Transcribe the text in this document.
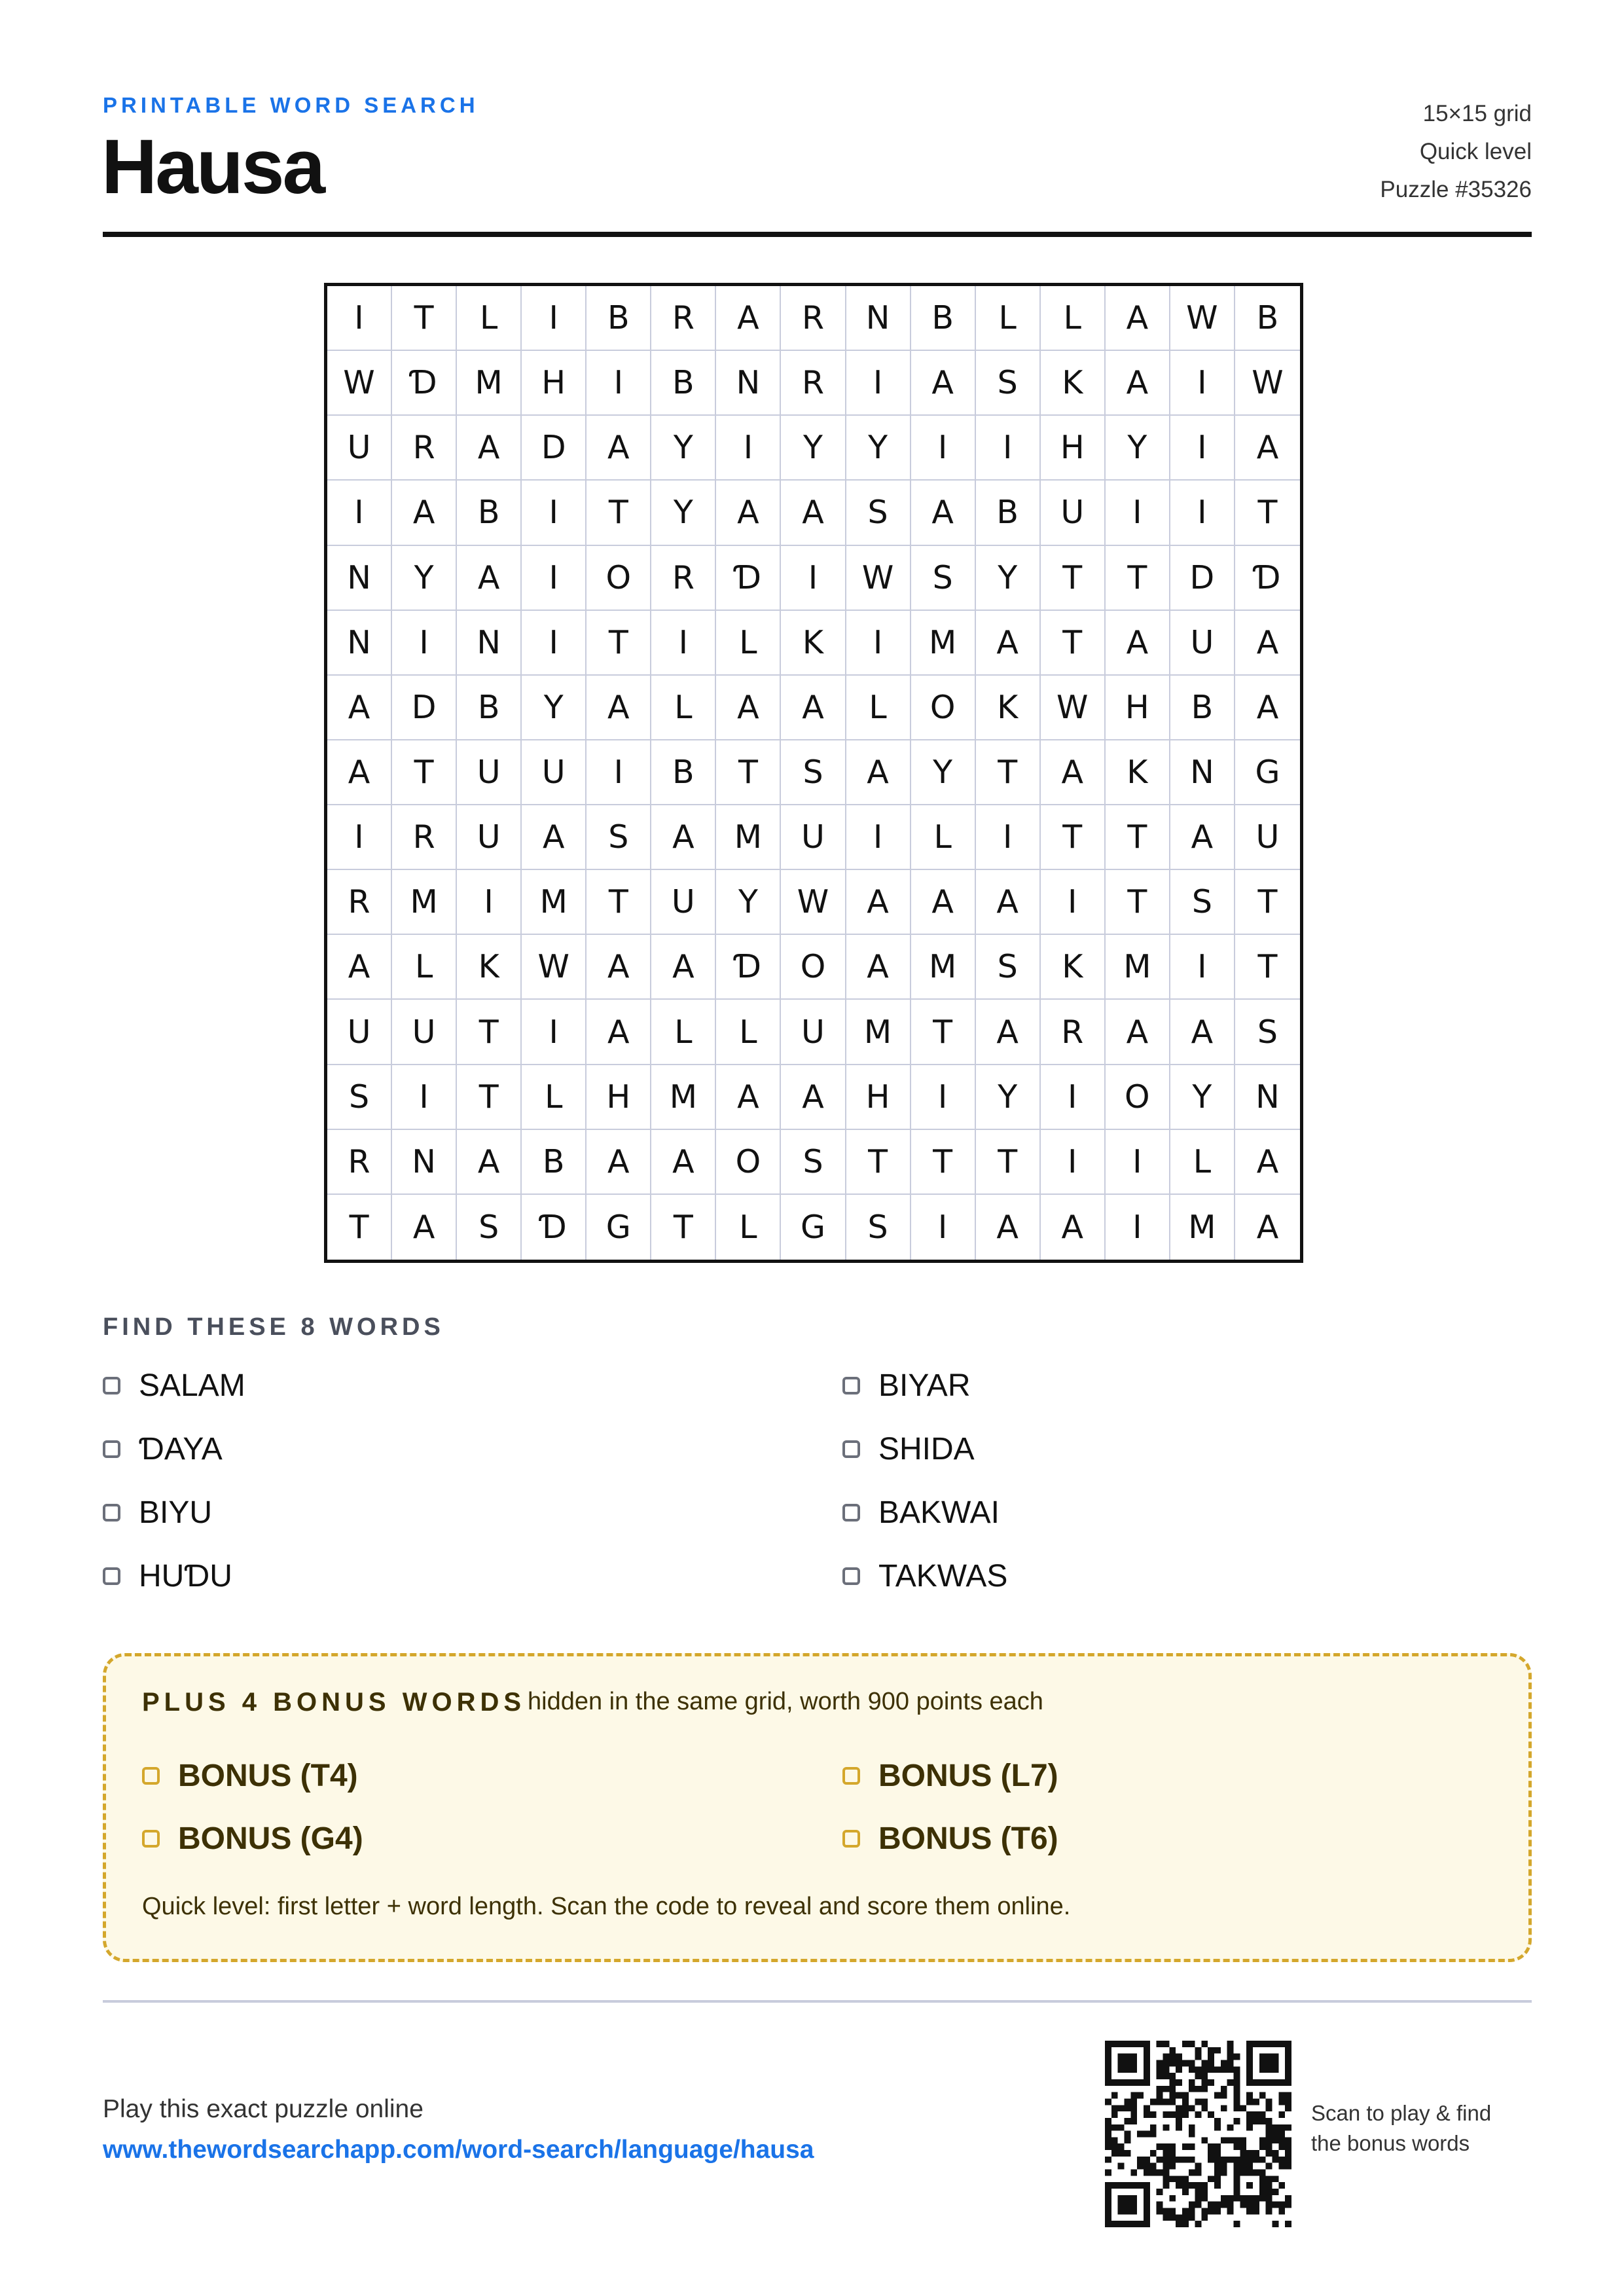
PRINTABLE WORD SEARCH
Hausa
15×15 grid
Quick level
Puzzle #35326
I	T	L	I	B	R	A	R	N	B	L	L	A	W	B
W	Ɗ	M	H	I	B	N	R	I	A	S	K	A	I	W
U	R	A	D	A	Y	I	Y	Y	I	I	H	Y	I	A
I	A	B	I	T	Y	A	A	S	A	B	U	I	I	T
N	Y	A	I	O	R	Ɗ	I	W	S	Y	T	T	D	Ɗ
N	I	N	I	T	I	L	K	I	M	A	T	A	U	A
A	D	B	Y	A	L	A	A	L	O	K	W	H	B	A
A	T	U	U	I	B	T	S	A	Y	T	A	K	N	G
I	R	U	A	S	A	M	U	I	L	I	T	T	A	U
R	M	I	M	T	U	Y	W	A	A	A	I	T	S	T
A	L	K	W	A	A	Ɗ	O	A	M	S	K	M	I	T
U	U	T	I	A	L	L	U	M	T	A	R	A	A	S
S	I	T	L	H	M	A	A	H	I	Y	I	O	Y	N
R	N	A	B	A	A	O	S	T	T	T	I	I	L	A
T	A	S	Ɗ	G	T	L	G	S	I	A	A	I	M	A
FIND THESE 8 WORDS
SALAM	BIYAR
ƊAYA	SHIDA
BIYU	BAKWAI
HUƊU	TAKWAS
PLUS 4 BONUS WORDS hidden in the same grid, worth 900 points each
BONUS (T4)	BONUS (L7)
BONUS (G4)	BONUS (T6)
Quick level: first letter + word length. Scan the code to reveal and score them online.
Play this exact puzzle online
www.thewordsearchapp.com/word-search/language/hausa
Scan to play & find
the bonus words
